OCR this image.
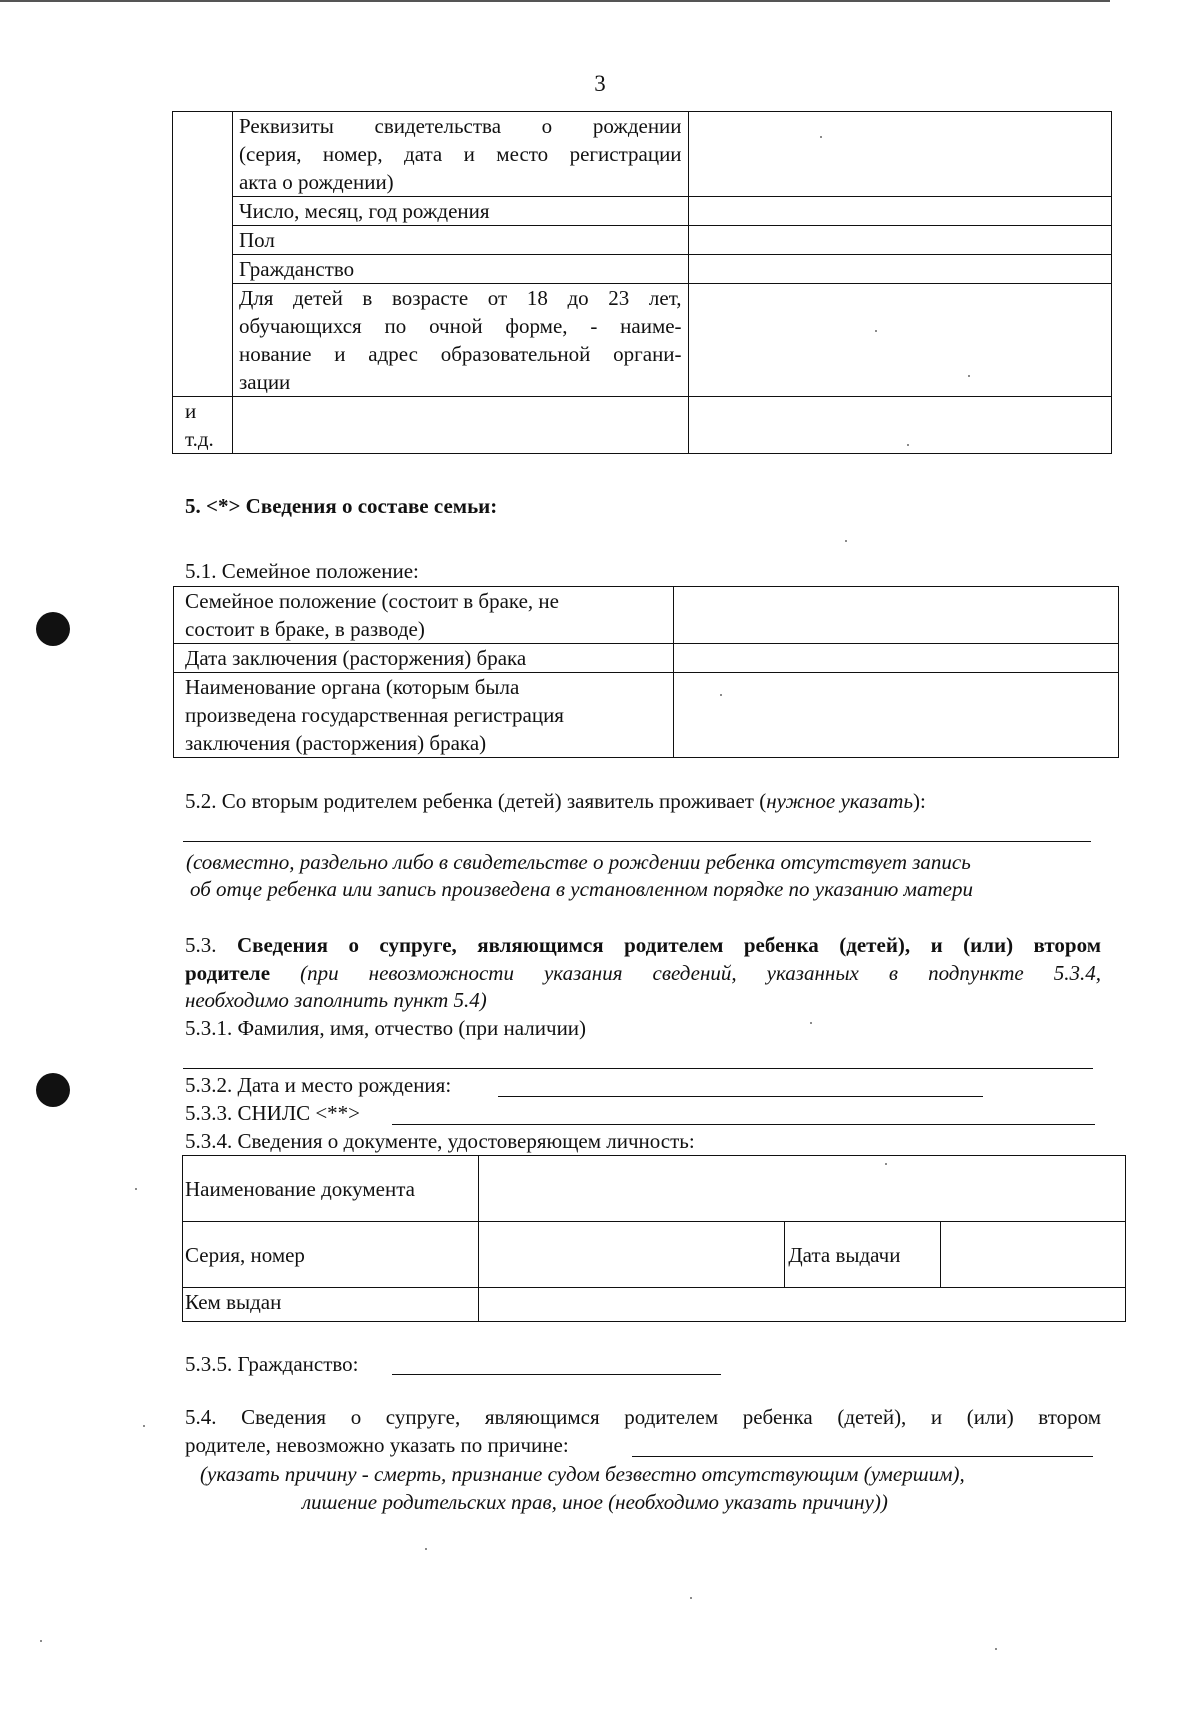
3

	Реквизиты свидетельства о рождении
(серия, номер, дата и место регистрации
акта о рождении)	

	Число, месяц, год рождения	

	Пол	

	Гражданство	

	Для детей в возрасте от 18 до 23 лет,
обучающихся по очной форме, - наиме-
нование и адрес образовательной органи-
зации	

и
т.д.		

5. <*> Сведения о составе семьи:
5.1. Семейное положение:
Семейное положение (состоит в браке, не
состоит в браке, в разводе)	

Дата заключения (расторжения) брака	

Наименование органа (которым была
произведена государственная регистрация
заключения (расторжения) брака)	

5.2. Со вторым родителем ребенка (детей) заявитель проживает (нужное указать):
(совместно, раздельно либо в свидетельстве о рождении ребенка отсутствует запись
об отце ребенка или запись произведена в установленном порядке по указанию матери
5.3. Сведения о супруге, являющимся родителем ребенка (детей), и (или) втором
родителе (при невозможности указания сведений, указанных в подпункте 5.3.4,
необходимо заполнить пункт 5.4)
5.3.1. Фамилия, имя, отчество (при наличии)
5.3.2. Дата и место рождения:
5.3.3. СНИЛС <**>
5.3.4. Сведения о документе, удостоверяющем личность:
Наименование документа			
Серия, номер		Дата выдачи	
Кем выдан			
5.3.5. Гражданство:
5.4. Сведения о супруге, являющимся родителем ребенка (детей), и (или) втором
родителе, невозможно указать по причине:
(указать причину - смерть, признание судом безвестно отсутствующим (умершим),
лишение родительских прав, иное (необходимо указать причину))
